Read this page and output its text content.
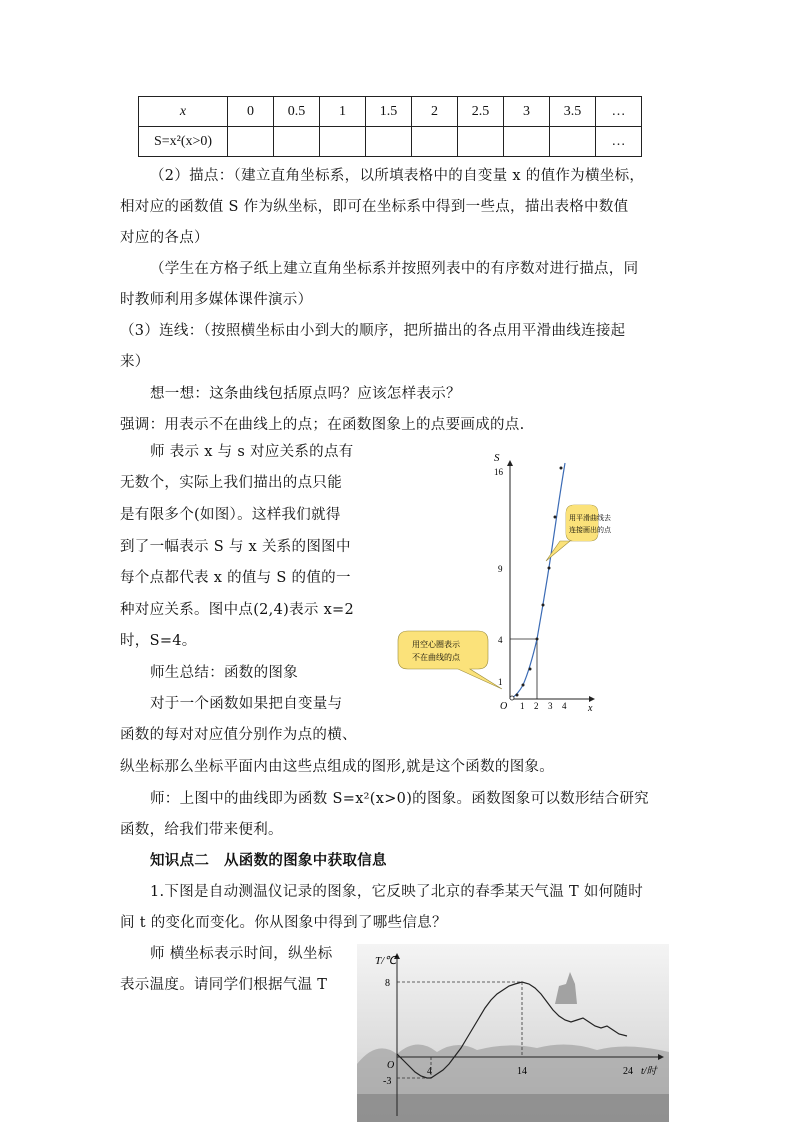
x	0	0.5	1	1.5	2	2.5	3	3.5	…
S=x²(x>0)									…
（2）描点：（建立直角坐标系，以所填表格中的自变量 x 的值作为横坐标，
相对应的函数值 S 作为纵坐标，即可在坐标系中得到一些点，描出表格中数值
对应的各点）
（学生在方格子纸上建立直角坐标系并按照列表中的有序数对进行描点，同
时教师利用多媒体课件演示）
（3）连线：（按照横坐标由小到大的顺序，把所描出的各点用平滑曲线连接起
来）
想一想：这条曲线包括原点吗？应该怎样表示？
强调：用表示不在曲线上的点；在函数图象上的点要画成的点.
师 表示 x 与 s 对应关系的点有
无数个，实际上我们描出的点只能
是有限多个(如图）。这样我们就得
到了一幅表示 S 与 x 关系的图图中
每个点都代表 x 的值与 S 的值的一
种对应关系。图中点(2,4)表示 x=2
时，S=4。
师生总结：函数的图象
对于一个函数如果把自变量与
函数的每对对应值分别作为点的横、
纵坐标那么坐标平面内由这些点组成的图形,就是这个函数的图象。
师：上图中的曲线即为函数 S=x²(x>0)的图象。函数图象可以数形结合研究
函数，给我们带来便利。
知识点二　从函数的图象中获取信息
1.下图是自动测温仪记录的图象，它反映了北京的春季某天气温 T 如何随时
间 t 的变化而变化。你从图象中得到了哪些信息？
师 横坐标表示时间，纵坐标
表示温度。请同学们根据气温 T
S
x
O
16
9
4
1
1 2 3 4
用平滑曲线去
连接画出的点
用空心圈表示
不在曲线的点
T/℃
t/时
O
8
-3
4	14	24
